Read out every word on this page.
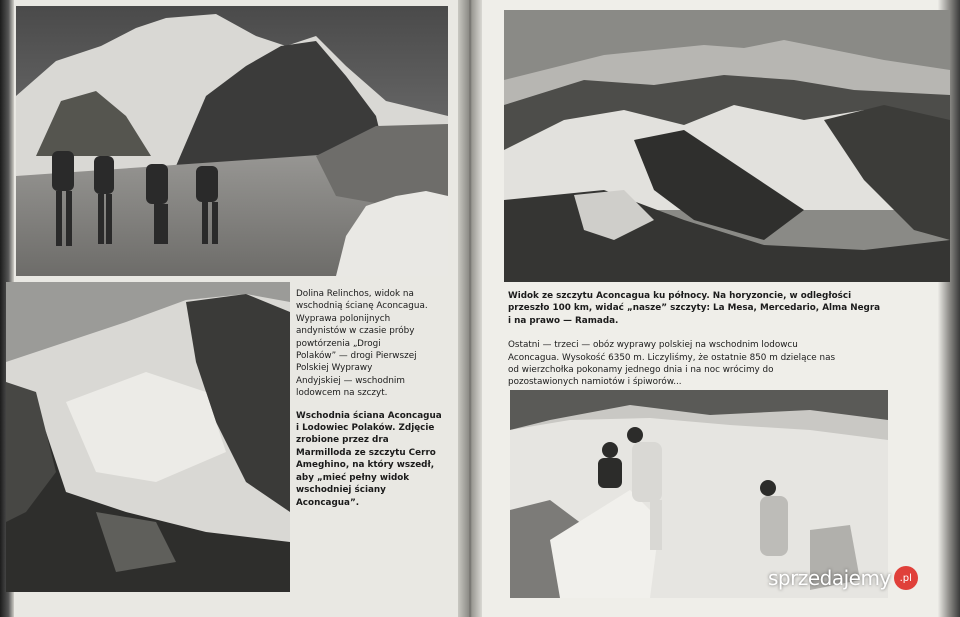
Dolina Relinchos, widok na
wschodnią ścianę Aconcagua.
Wyprawa polonijnych
andynistów w czasie próby
powtórzenia „Drogi
Polaków” — drogi Pierwszej
Polskiej Wyprawy
Andyjskiej — wschodnim
lodowcem na szczyt.

Wschodnia ściana Aconcagua
i Lodowiec Polaków. Zdjęcie
zrobione przez dra
Marmilloda ze szczytu Cerro
Ameghino, na który wszedł,
aby „mieć pełny widok
wschodniej ściany
Aconcagua”.

Widok ze szczytu Aconcagua ku północy. Na horyzoncie, w odległości
przeszło 100 km, widać „nasze” szczyty: La Mesa, Mercedario, Alma Negra
i na prawo — Ramada.

Ostatni — trzeci — obóz wyprawy polskiej na wschodnim lodowcu
Aconcagua. Wysokość 6350 m. Liczyliśmy, że ostatnie 850 m dzielące nas
od wierzchołka pokonamy jednego dnia i na noc wrócimy do
pozostawionych namiotów i śpiworów...

sprzedajemy .pl
